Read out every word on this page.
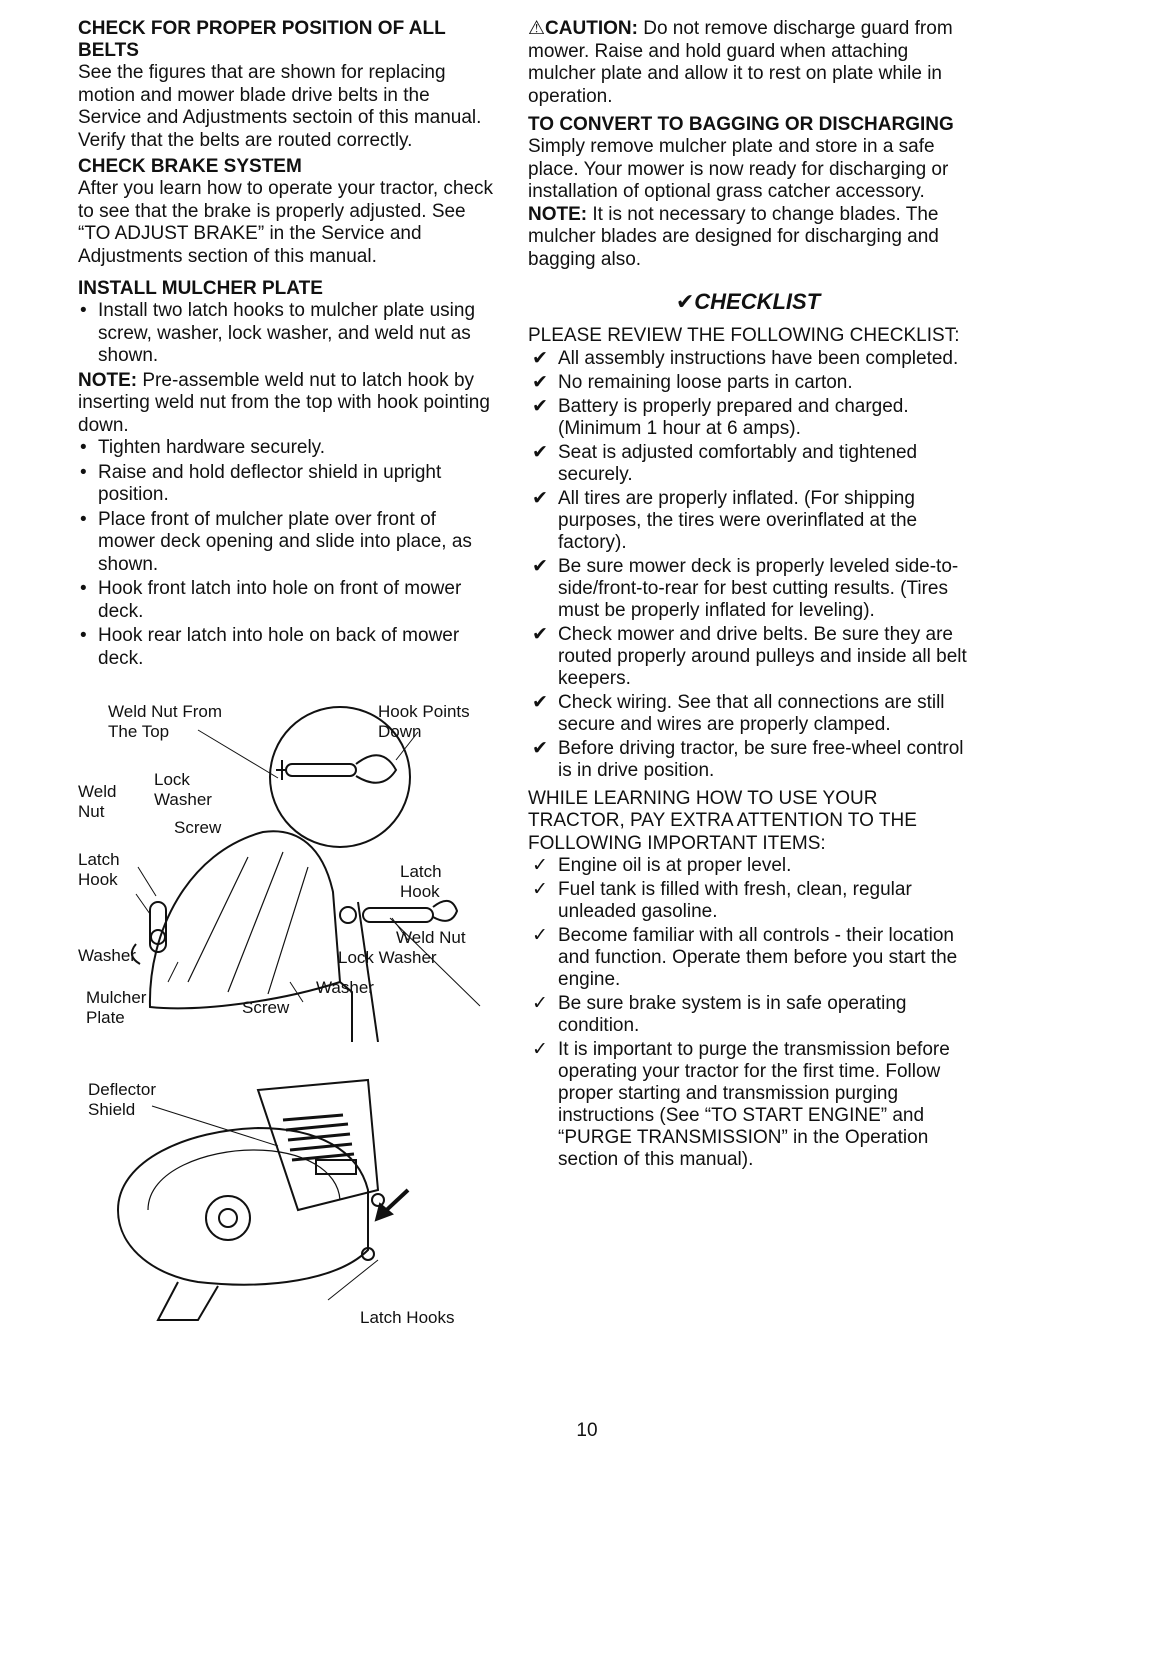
CHECK FOR PROPER POSITION OF ALL BELTS

See the figures that are shown for replacing motion and mower blade drive belts in the Service and Adjustments sectoin of this manual. Verify that the belts are routed correctly.

CHECK BRAKE SYSTEM

After you learn how to operate your tractor, check to see that the brake is properly adjusted. See “TO ADJUST BRAKE” in the Service and Adjustments section of this manual.

INSTALL MULCHER PLATE
• Install two latch hooks to mulcher plate using screw, washer, lock washer, and weld nut as shown.

NOTE: Pre-assemble weld nut to latch hook by inserting weld nut from the top with hook pointing down.

• Tighten hardware securely.
• Raise and hold deflector shield in upright position.
• Place front of mulcher plate over front of mower deck opening and slide into place, as shown.
• Hook front latch into hole on front of mower deck.
• Hook rear latch into hole on back of mower deck.
Weld Nut From
The Top
Hook Points
Down
Lock
Washer
Weld
Nut
Screw
Latch
Hook	Latch
Hook
Weld Nut
Lock Washer
Washer
Washer
Screw
Mulcher
Plate
Deflector
Shield
Latch Hooks

⚠CAUTION: Do not remove discharge guard from mower. Raise and hold guard when attaching mulcher plate and allow it to rest on plate while in operation.

TO CONVERT TO BAGGING OR DISCHARGING

Simply remove mulcher plate and store in a safe place. Your mower is now ready for discharging or installation of optional grass catcher accessory.

NOTE: It is not necessary to change blades. The mulcher blades are designed for discharging and bagging also.

✔CHECKLIST

PLEASE REVIEW THE FOLLOWING CHECKLIST:

✔ All assembly instructions have been completed.
✔ No remaining loose parts in carton.
✔ Battery is properly prepared and charged. (Minimum 1 hour at 6 amps).
✔ Seat is adjusted comfortably and tightened securely.
✔ All tires are properly inflated. (For shipping purposes, the tires were overinflated at the factory).
✔ Be sure mower deck is properly leveled side-to-side/front-to-rear for best cutting results. (Tires must be properly inflated for leveling).
✔ Check mower and drive belts. Be sure they are routed properly around pulleys and inside all belt keepers.
✔ Check wiring. See that all connections are still secure and wires are properly clamped.
✔ Before driving tractor, be sure free-wheel control is in drive position.

WHILE LEARNING HOW TO USE YOUR TRACTOR, PAY EXTRA ATTENTION TO THE FOLLOWING IMPORTANT ITEMS:

✓ Engine oil is at proper level.
✓ Fuel tank is filled with fresh, clean, regular unleaded gasoline.
✓ Become familiar with all controls - their location and function. Operate them before you start the engine.
✓ Be sure brake system is in safe operating condition.
✓ It is important to purge the transmission before operating your tractor for the first time. Follow proper starting and transmission purging instructions (See “TO START ENGINE” and “PURGE TRANSMISSION” in the Operation section of this manual).
10
